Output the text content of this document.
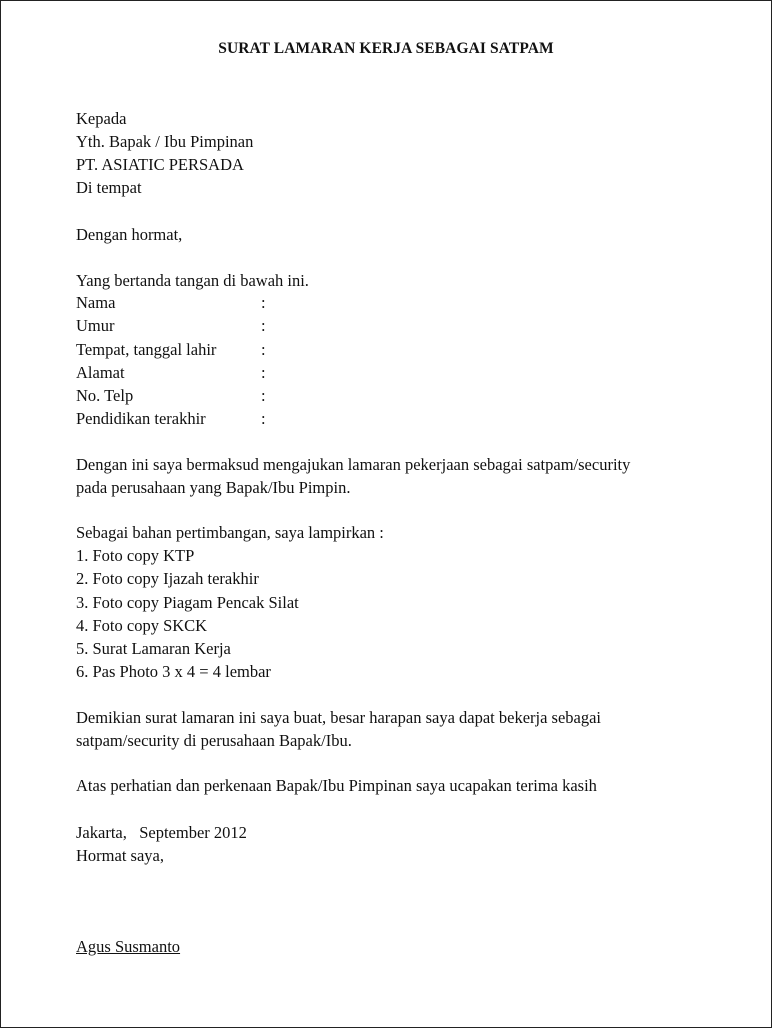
SURAT LAMARAN KERJA SEBAGAI SATPAM
Kepada
Yth. Bapak / Ibu Pimpinan
PT. ASIATIC PERSADA
Di tempat
Dengan hormat,
Yang bertanda tangan di bawah ini.
Nama	:
Umur	:
Tempat, tanggal lahir	:
Alamat	:
No. Telp	:
Pendidikan terakhir	:
Dengan ini saya bermaksud mengajukan lamaran pekerjaan sebagai satpam/security
pada perusahaan yang Bapak/Ibu Pimpin.
Sebagai bahan pertimbangan, saya lampirkan :
1. Foto copy KTP
2. Foto copy Ijazah terakhir
3. Foto copy Piagam Pencak Silat
4. Foto copy SKCK
5. Surat Lamaran Kerja
6. Pas Photo 3 x 4 = 4 lembar
Demikian surat lamaran ini saya buat, besar harapan saya dapat bekerja sebagai
satpam/security di perusahaan Bapak/Ibu.
Atas perhatian dan perkenaan Bapak/Ibu Pimpinan saya ucapakan terima kasih
Jakarta,   September 2012
Hormat saya,
Agus Susmanto
